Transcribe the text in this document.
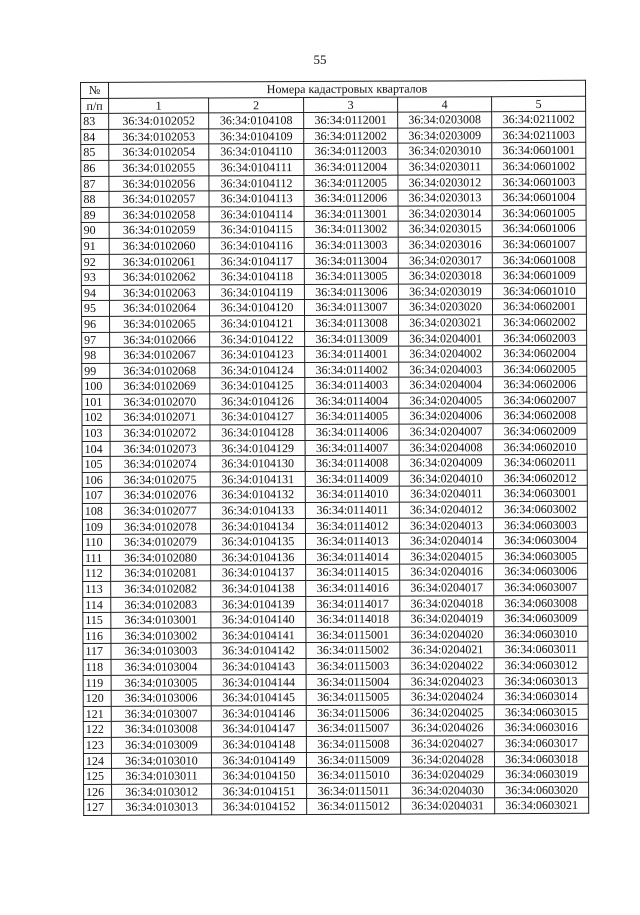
55
№	Номера кадастровых кварталов				
п/п	1	2	3	4	5
83	36:34:0102052	36:34:0104108	36:34:0112001	36:34:0203008	36:34:0211002
84	36:34:0102053	36:34:0104109	36:34:0112002	36:34:0203009	36:34:0211003
85	36:34:0102054	36:34:0104110	36:34:0112003	36:34:0203010	36:34:0601001
86	36:34:0102055	36:34:0104111	36:34:0112004	36:34:0203011	36:34:0601002
87	36:34:0102056	36:34:0104112	36:34:0112005	36:34:0203012	36:34:0601003
88	36:34:0102057	36:34:0104113	36:34:0112006	36:34:0203013	36:34:0601004
89	36:34:0102058	36:34:0104114	36:34:0113001	36:34:0203014	36:34:0601005
90	36:34:0102059	36:34:0104115	36:34:0113002	36:34:0203015	36:34:0601006
91	36:34:0102060	36:34:0104116	36:34:0113003	36:34:0203016	36:34:0601007
92	36:34:0102061	36:34:0104117	36:34:0113004	36:34:0203017	36:34:0601008
93	36:34:0102062	36:34:0104118	36:34:0113005	36:34:0203018	36:34:0601009
94	36:34:0102063	36:34:0104119	36:34:0113006	36:34:0203019	36:34:0601010
95	36:34:0102064	36:34:0104120	36:34:0113007	36:34:0203020	36:34:0602001
96	36:34:0102065	36:34:0104121	36:34:0113008	36:34:0203021	36:34:0602002
97	36:34:0102066	36:34:0104122	36:34:0113009	36:34:0204001	36:34:0602003
98	36:34:0102067	36:34:0104123	36:34:0114001	36:34:0204002	36:34:0602004
99	36:34:0102068	36:34:0104124	36:34:0114002	36:34:0204003	36:34:0602005
100	36:34:0102069	36:34:0104125	36:34:0114003	36:34:0204004	36:34:0602006
101	36:34:0102070	36:34:0104126	36:34:0114004	36:34:0204005	36:34:0602007
102	36:34:0102071	36:34:0104127	36:34:0114005	36:34:0204006	36:34:0602008
103	36:34:0102072	36:34:0104128	36:34:0114006	36:34:0204007	36:34:0602009
104	36:34:0102073	36:34:0104129	36:34:0114007	36:34:0204008	36:34:0602010
105	36:34:0102074	36:34:0104130	36:34:0114008	36:34:0204009	36:34:0602011
106	36:34:0102075	36:34:0104131	36:34:0114009	36:34:0204010	36:34:0602012
107	36:34:0102076	36:34:0104132	36:34:0114010	36:34:0204011	36:34:0603001
108	36:34:0102077	36:34:0104133	36:34:0114011	36:34:0204012	36:34:0603002
109	36:34:0102078	36:34:0104134	36:34:0114012	36:34:0204013	36:34:0603003
110	36:34:0102079	36:34:0104135	36:34:0114013	36:34:0204014	36:34:0603004
111	36:34:0102080	36:34:0104136	36:34:0114014	36:34:0204015	36:34:0603005
112	36:34:0102081	36:34:0104137	36:34:0114015	36:34:0204016	36:34:0603006
113	36:34:0102082	36:34:0104138	36:34:0114016	36:34:0204017	36:34:0603007
114	36:34:0102083	36:34:0104139	36:34:0114017	36:34:0204018	36:34:0603008
115	36:34:0103001	36:34:0104140	36:34:0114018	36:34:0204019	36:34:0603009
116	36:34:0103002	36:34:0104141	36:34:0115001	36:34:0204020	36:34:0603010
117	36:34:0103003	36:34:0104142	36:34:0115002	36:34:0204021	36:34:0603011
118	36:34:0103004	36:34:0104143	36:34:0115003	36:34:0204022	36:34:0603012
119	36:34:0103005	36:34:0104144	36:34:0115004	36:34:0204023	36:34:0603013
120	36:34:0103006	36:34:0104145	36:34:0115005	36:34:0204024	36:34:0603014
121	36:34:0103007	36:34:0104146	36:34:0115006	36:34:0204025	36:34:0603015
122	36:34:0103008	36:34:0104147	36:34:0115007	36:34:0204026	36:34:0603016
123	36:34:0103009	36:34:0104148	36:34:0115008	36:34:0204027	36:34:0603017
124	36:34:0103010	36:34:0104149	36:34:0115009	36:34:0204028	36:34:0603018
125	36:34:0103011	36:34:0104150	36:34:0115010	36:34:0204029	36:34:0603019
126	36:34:0103012	36:34:0104151	36:34:0115011	36:34:0204030	36:34:0603020
127	36:34:0103013	36:34:0104152	36:34:0115012	36:34:0204031	36:34:0603021
